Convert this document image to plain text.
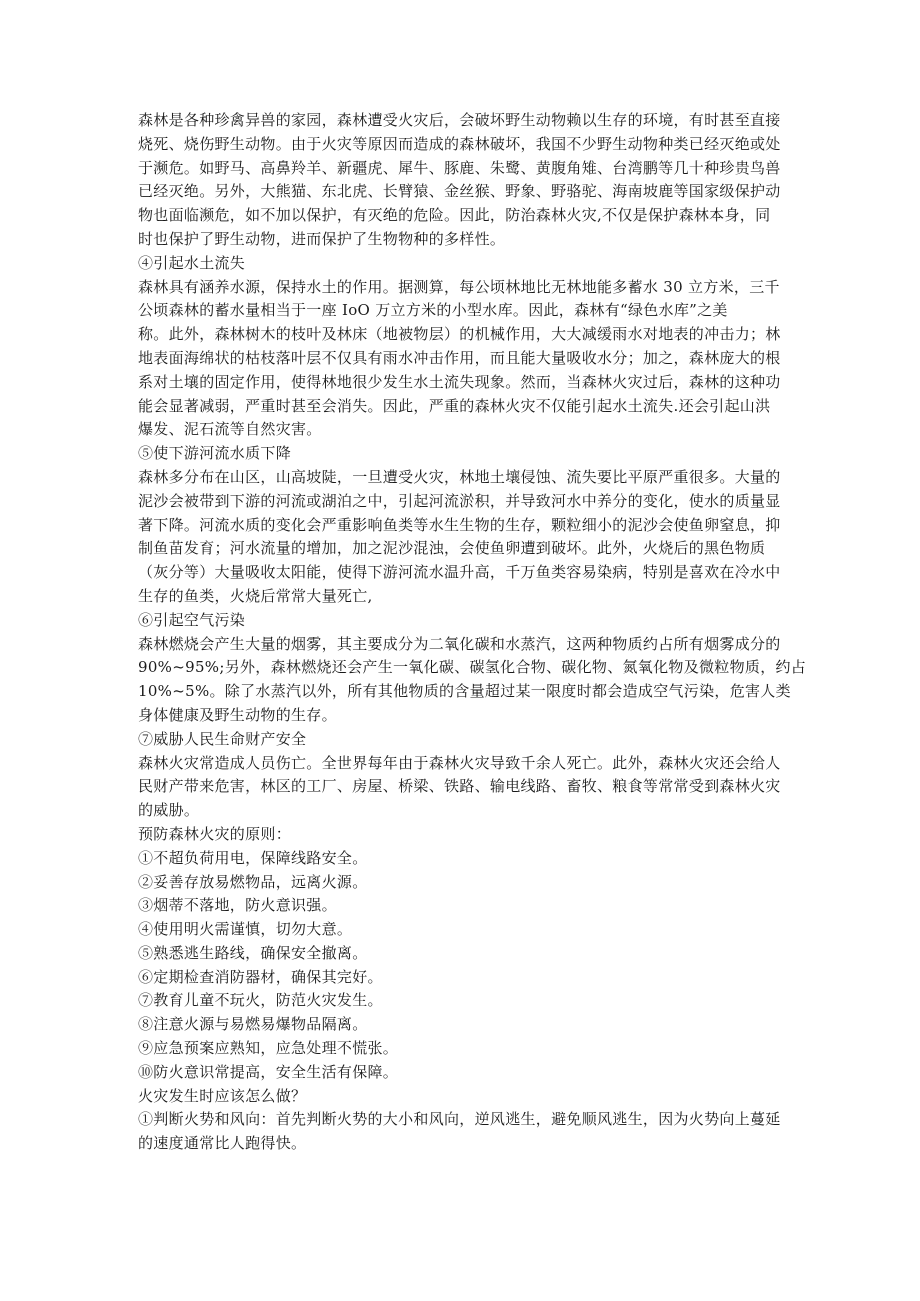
森林是各种珍禽异兽的家园，森林遭受火灾后，会破坏野生动物赖以生存的环境，有时甚至直接
烧死、烧伤野生动物。由于火灾等原因而造成的森林破坏，我国不少野生动物种类已经灭绝或处
于濒危。如野马、高鼻羚羊、新疆虎、犀牛、豚鹿、朱鹭、黄腹角雉、台湾鹏等几十种珍贵鸟兽
已经灭绝。另外，大熊猫、东北虎、长臂猿、金丝猴、野象、野骆驼、海南坡鹿等国家级保护动
物也面临濒危，如不加以保护，有灭绝的危险。因此，防治森林火灾,不仅是保护森林本身，同
时也保护了野生动物，进而保护了生物物种的多样性。
④引起水土流失
森林具有涵养水源，保持水土的作用。据测算，每公顷林地比无林地能多蓄水 30 立方米，三千
公顷森林的蓄水量相当于一座 IoO 万立方米的小型水库。因此，森林有“绿色水库”之美
称。此外，森林树木的枝叶及林床（地被物层）的机械作用，大大减缓雨水对地表的冲击力；林
地表面海绵状的枯枝落叶层不仅具有雨水冲击作用，而且能大量吸收水分；加之，森林庞大的根
系对土壤的固定作用，使得林地很少发生水土流失现象。然而，当森林火灾过后，森林的这种功
能会显著减弱，严重时甚至会消失。因此，严重的森林火灾不仅能引起水土流失.还会引起山洪
爆发、泥石流等自然灾害。
⑤使下游河流水质下降
森林多分布在山区，山高坡陡，一旦遭受火灾，林地土壤侵蚀、流失要比平原严重很多。大量的
泥沙会被带到下游的河流或湖泊之中，引起河流淤积，并导致河水中养分的变化，使水的质量显
著下降。河流水质的变化会严重影响鱼类等水生生物的生存，颗粒细小的泥沙会使鱼卵窒息，抑
制鱼苗发育；河水流量的增加，加之泥沙混浊，会使鱼卵遭到破坏。此外，火烧后的黑色物质
（灰分等）大量吸收太阳能，使得下游河流水温升高，千万鱼类容易染病，特别是喜欢在冷水中
生存的鱼类，火烧后常常大量死亡,
⑥引起空气污染
森林燃烧会产生大量的烟雾，其主要成分为二氧化碳和水蒸汽，这两种物质约占所有烟雾成分的
90%~95%;另外，森林燃烧还会产生一氧化碳、碳氢化合物、碳化物、氮氧化物及微粒物质，约占
10%~5%。除了水蒸汽以外，所有其他物质的含量超过某一限度时都会造成空气污染，危害人类
身体健康及野生动物的生存。
⑦威胁人民生命财产安全
森林火灾常造成人员伤亡。全世界每年由于森林火灾导致千余人死亡。此外，森林火灾还会给人
民财产带来危害，林区的工厂、房屋、桥梁、铁路、输电线路、畜牧、粮食等常常受到森林火灾
的威胁。
预防森林火灾的原则：
①不超负荷用电，保障线路安全。
②妥善存放易燃物品，远离火源。
③烟蒂不落地，防火意识强。
④使用明火需谨慎，切勿大意。
⑤熟悉逃生路线，确保安全撤离。
⑥定期检查消防器材，确保其完好。
⑦教育儿童不玩火，防范火灾发生。
⑧注意火源与易燃易爆物品隔离。
⑨应急预案应熟知，应急处理不慌张。
⑩防火意识常提高，安全生活有保障。
火灾发生时应该怎么做？
①判断火势和风向：首先判断火势的大小和风向，逆风逃生，避免顺风逃生，因为火势向上蔓延
的速度通常比人跑得快。
